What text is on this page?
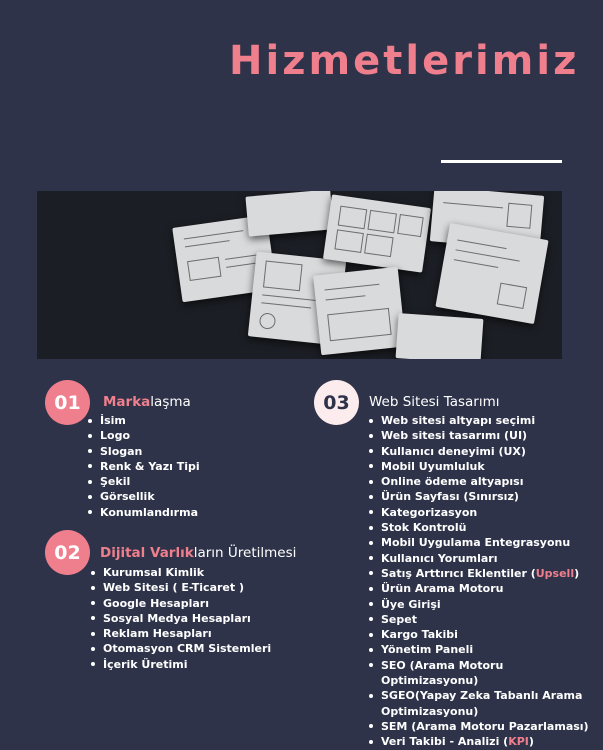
Hizmetlerimiz
01	Markalaşma
İsim
Logo
Slogan
Renk & Yazı Tipi
Şekil
Görsellik
Konumlandırma
02	Dijital Varlıkların Üretilmesi
Kurumsal Kimlik
Web Sitesi ( E-Ticaret )
Google Hesapları
Sosyal Medya Hesapları
Reklam Hesapları
Otomasyon CRM Sistemleri
İçerik Üretimi
03	Web Sitesi Tasarımı
Web sitesi altyapı seçimi
Web sitesi tasarımı (UI)
Kullanıcı deneyimi (UX)
Mobil Uyumluluk
Online ödeme altyapısı
Ürün Sayfası (Sınırsız)
Kategorizasyon
Stok Kontrolü
Mobil Uygulama Entegrasyonu
Kullanıcı Yorumları
Satış Arttırıcı Eklentiler (Upsell)
Ürün Arama Motoru
Üye Girişi
Sepet
Kargo Takibi
Yönetim Paneli
SEO (Arama Motoru Optimizasyonu)
SGEO(Yapay Zeka Tabanlı Arama Optimizasyonu)
SEM (Arama Motoru Pazarlaması)
Veri Takibi - Analizi (KPI)
